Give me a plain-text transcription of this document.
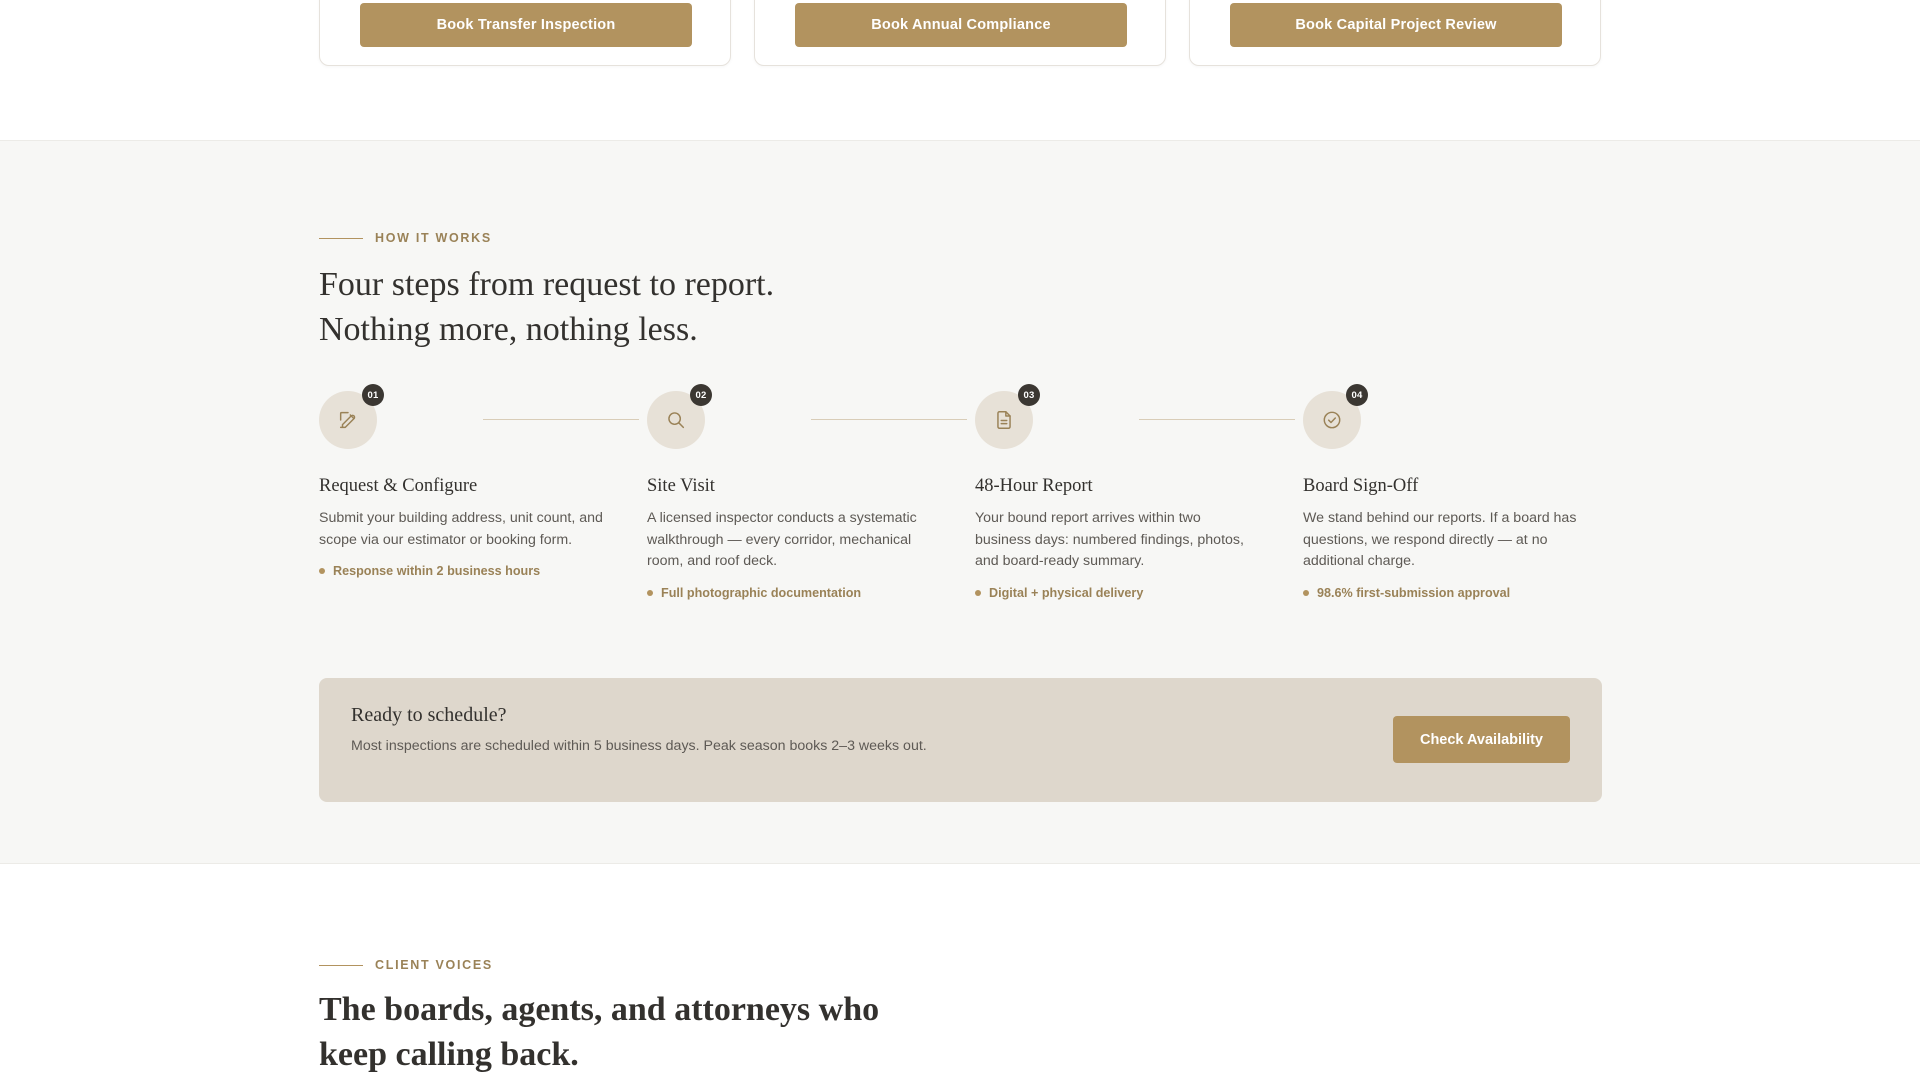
Book Transfer Inspection	Book Annual Compliance	Book Capital Project Review
HOW IT WORKS
Four steps from request to report.
Nothing more, nothing less.
01
Request & Configure
Submit your building address, unit count, and scope via our estimator or booking form.
Response within 2 business hours
02
Site Visit
A licensed inspector conducts a systematic walkthrough — every corridor, mechanical room, and roof deck.
Full photographic documentation
03
48-Hour Report
Your bound report arrives within two business days: numbered findings, photos, and board-ready summary.
Digital + physical delivery
04
Board Sign-Off
We stand behind our reports. If a board has questions, we respond directly — at no additional charge.
98.6% first-submission approval
Ready to schedule?
Most inspections are scheduled within 5 business days. Peak season books 2–3 weeks out.	Check Availability
CLIENT VOICES
The boards, agents, and attorneys who
keep calling back.
